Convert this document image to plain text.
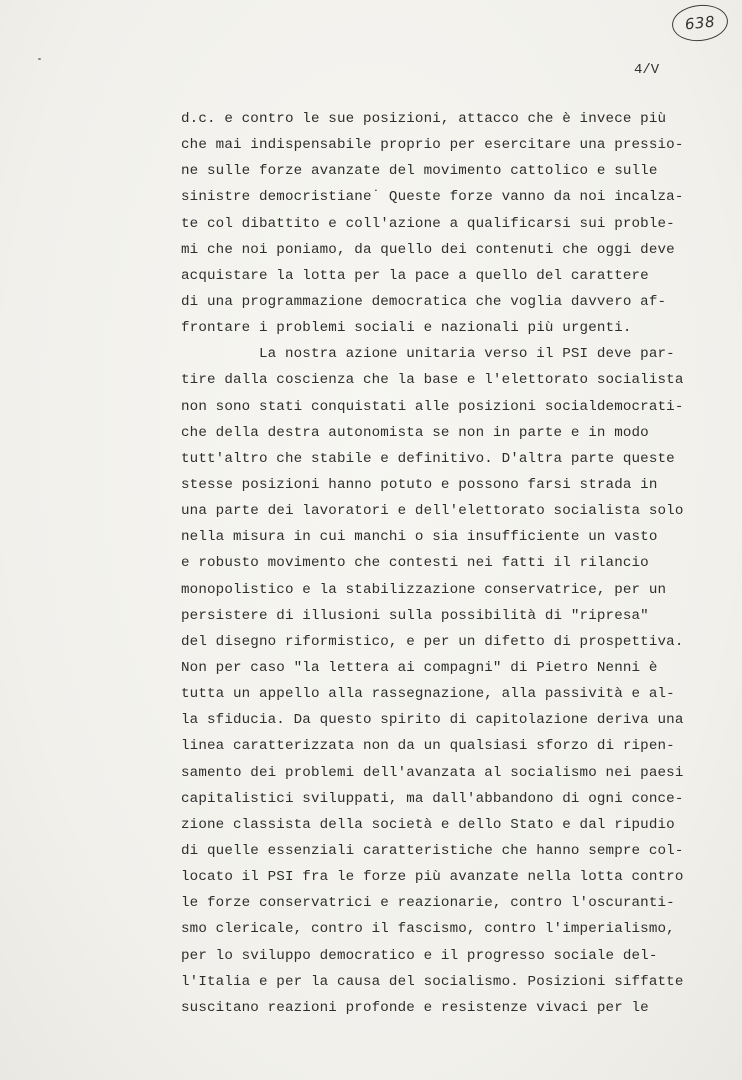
638
4/V
d.c. e contro le sue posizioni, attacco che è invece più
che mai indispensabile proprio per esercitare una pressio-
ne sulle forze avanzate del movimento cattolico e sulle
sinistre democristiane˙ Queste forze vanno da noi incalza-
te col dibattito e coll'azione a qualificarsi sui proble-
mi che noi poniamo, da quello dei contenuti che oggi deve
acquistare la lotta per la pace a quello del carattere
di una programmazione democratica che voglia davvero af-
frontare i problemi sociali e nazionali più urgenti.
La nostra azione unitaria verso il PSI deve par-
tire dalla coscienza che la base e l'elettorato socialista
non sono stati conquistati alle posizioni socialdemocrati-
che della destra autonomista se non in parte e in modo
tutt'altro che stabile e definitivo. D'altra parte queste
stesse posizioni hanno potuto e possono farsi strada in
una parte dei lavoratori e dell'elettorato socialista solo
nella misura in cui manchi o sia insufficiente un vasto
e robusto movimento che contesti nei fatti il rilancio
monopolistico e la stabilizzazione conservatrice, per un
persistere di illusioni sulla possibilità di "ripresa"
del disegno riformistico, e per un difetto di prospettiva.
Non per caso "la lettera ai compagni" di Pietro Nenni è
tutta un appello alla rassegnazione, alla passività e al-
la sfiducia. Da questo spirito di capitolazione deriva una
linea caratterizzata non da un qualsiasi sforzo di ripen-
samento dei problemi dell'avanzata al socialismo nei paesi
capitalistici sviluppati, ma dall'abbandono di ogni conce-
zione classista della società e dello Stato e dal ripudio
di quelle essenziali caratteristiche che hanno sempre col-
locato il PSI fra le forze più avanzate nella lotta contro
le forze conservatrici e reazionarie, contro l'oscuranti-
smo clericale, contro il fascismo, contro l'imperialismo,
per lo sviluppo democratico e il progresso sociale del-
l'Italia e per la causa del socialismo. Posizioni siffatte
suscitano reazioni profonde e resistenze vivaci per le
